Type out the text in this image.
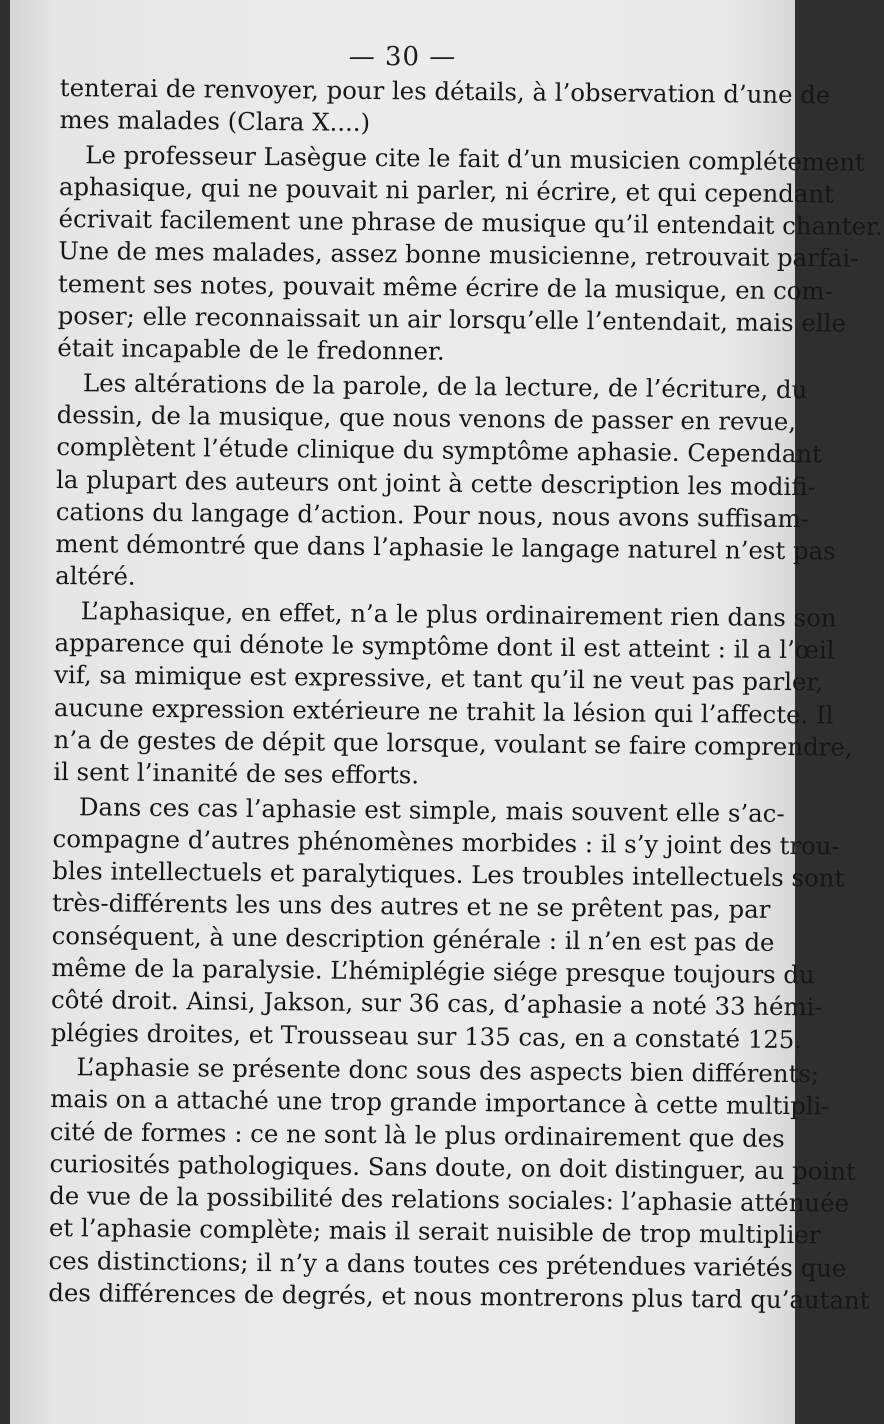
— 30 —
tenterai de renvoyer, pour les détails, à l’observation d’une de
mes malades (Clara X....)
Le professeur Lasègue cite le fait d’un musicien complétement
aphasique, qui ne pouvait ni parler, ni écrire, et qui cependant
écrivait facilement une phrase de musique qu’il entendait chanter.
Une de mes malades, assez bonne musicienne, retrouvait parfai-
tement ses notes, pouvait même écrire de la musique, en com-
poser; elle reconnaissait un air lorsqu’elle l’entendait, mais elle
était incapable de le fredonner.
Les altérations de la parole, de la lecture, de l’écriture, du
dessin, de la musique, que nous venons de passer en revue,
complètent l’étude clinique du symptôme aphasie. Cependant
la plupart des auteurs ont joint à cette description les modifi-
cations du langage d’action. Pour nous, nous avons suffisam-
ment démontré que dans l’aphasie le langage naturel n’est pas
altéré.
L’aphasique, en effet, n’a le plus ordinairement rien dans son
apparence qui dénote le symptôme dont il est atteint : il a l’œil
vif, sa mimique est expressive, et tant qu’il ne veut pas parler,
aucune expression extérieure ne trahit la lésion qui l’affecte. Il
n’a de gestes de dépit que lorsque, voulant se faire comprendre,
il sent l’inanité de ses efforts.
Dans ces cas l’aphasie est simple, mais souvent elle s’ac-
compagne d’autres phénomènes morbides : il s’y joint des trou-
bles intellectuels et paralytiques. Les troubles intellectuels sont
très-différents les uns des autres et ne se prêtent pas, par
conséquent, à une description générale : il n’en est pas de
même de la paralysie. L’hémiplégie siége presque toujours du
côté droit. Ainsi, Jakson, sur 36 cas, d’aphasie a noté 33 hémi-
plégies droites, et Trousseau sur 135 cas, en a constaté 125.
L’aphasie se présente donc sous des aspects bien différents;
mais on a attaché une trop grande importance à cette multipli-
cité de formes : ce ne sont là le plus ordinairement que des
curiosités pathologiques. Sans doute, on doit distinguer, au point
de vue de la possibilité des relations sociales: l’aphasie atténuée
et l’aphasie complète; mais il serait nuisible de trop multiplier
ces distinctions; il n’y a dans toutes ces prétendues variétés que
des différences de degrés, et nous montrerons plus tard qu’autant
